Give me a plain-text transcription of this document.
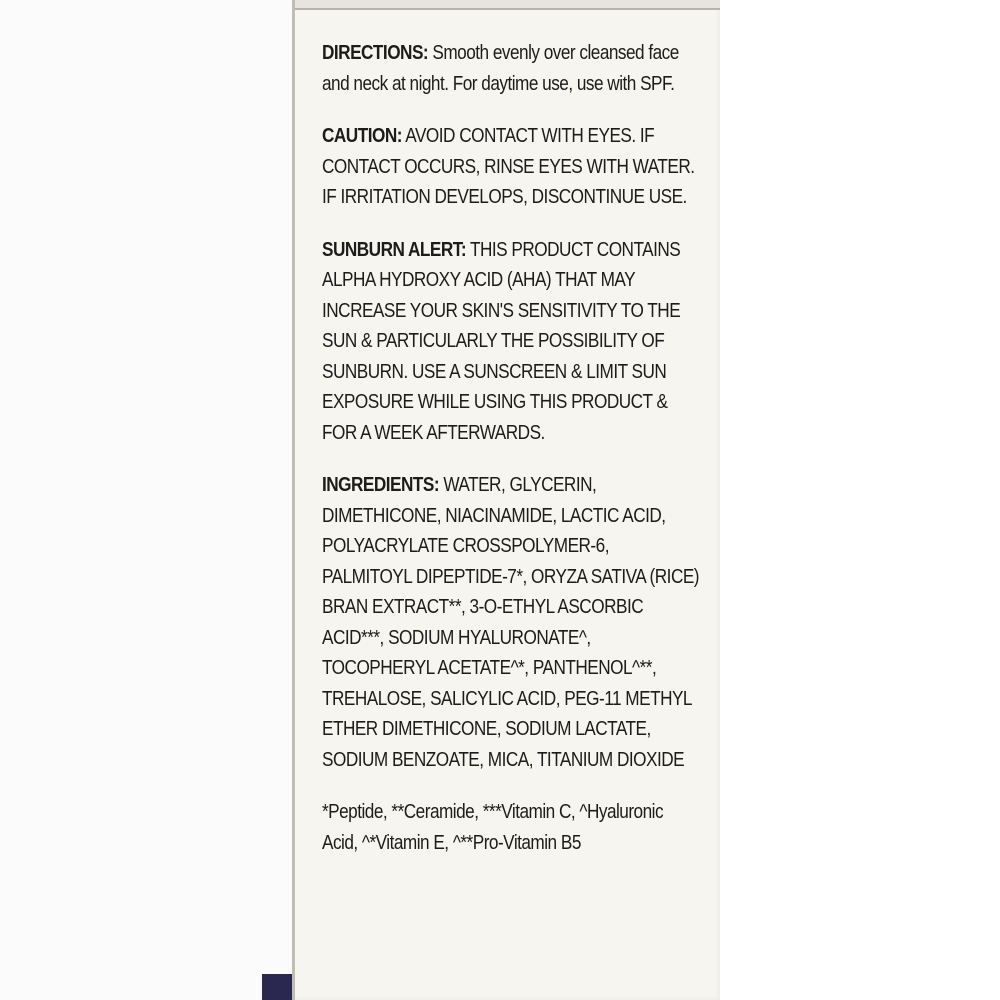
DIRECTIONS: Smooth evenly over cleansed face and neck at night. For daytime use, use with SPF.

CAUTION: AVOID CONTACT WITH EYES. IF CONTACT OCCURS, RINSE EYES WITH WATER. IF IRRITATION DEVELOPS, DISCONTINUE USE.

SUNBURN ALERT: THIS PRODUCT CONTAINS ALPHA HYDROXY ACID (AHA) THAT MAY INCREASE YOUR SKIN'S SENSITIVITY TO THE SUN & PARTICULARLY THE POSSIBILITY OF SUNBURN. USE A SUNSCREEN & LIMIT SUN EXPOSURE WHILE USING THIS PRODUCT & FOR A WEEK AFTERWARDS.

INGREDIENTS: WATER, GLYCERIN, DIMETHICONE, NIACINAMIDE, LACTIC ACID, POLYACRYLATE CROSSPOLYMER-6, PALMITOYL DIPEPTIDE-7*, ORYZA SATIVA (RICE) BRAN EXTRACT**, 3-O-ETHYL ASCORBIC ACID***, SODIUM HYALURONATE^, TOCOPHERYL ACETATE^*, PANTHENOL^**, TREHALOSE, SALICYLIC ACID, PEG-11 METHYL ETHER DIMETHICONE, SODIUM LACTATE, SODIUM BENZOATE, MICA, TITANIUM DIOXIDE

*Peptide, **Ceramide, ***Vitamin C, ^Hyaluronic Acid, ^*Vitamin E, ^**Pro-Vitamin B5
